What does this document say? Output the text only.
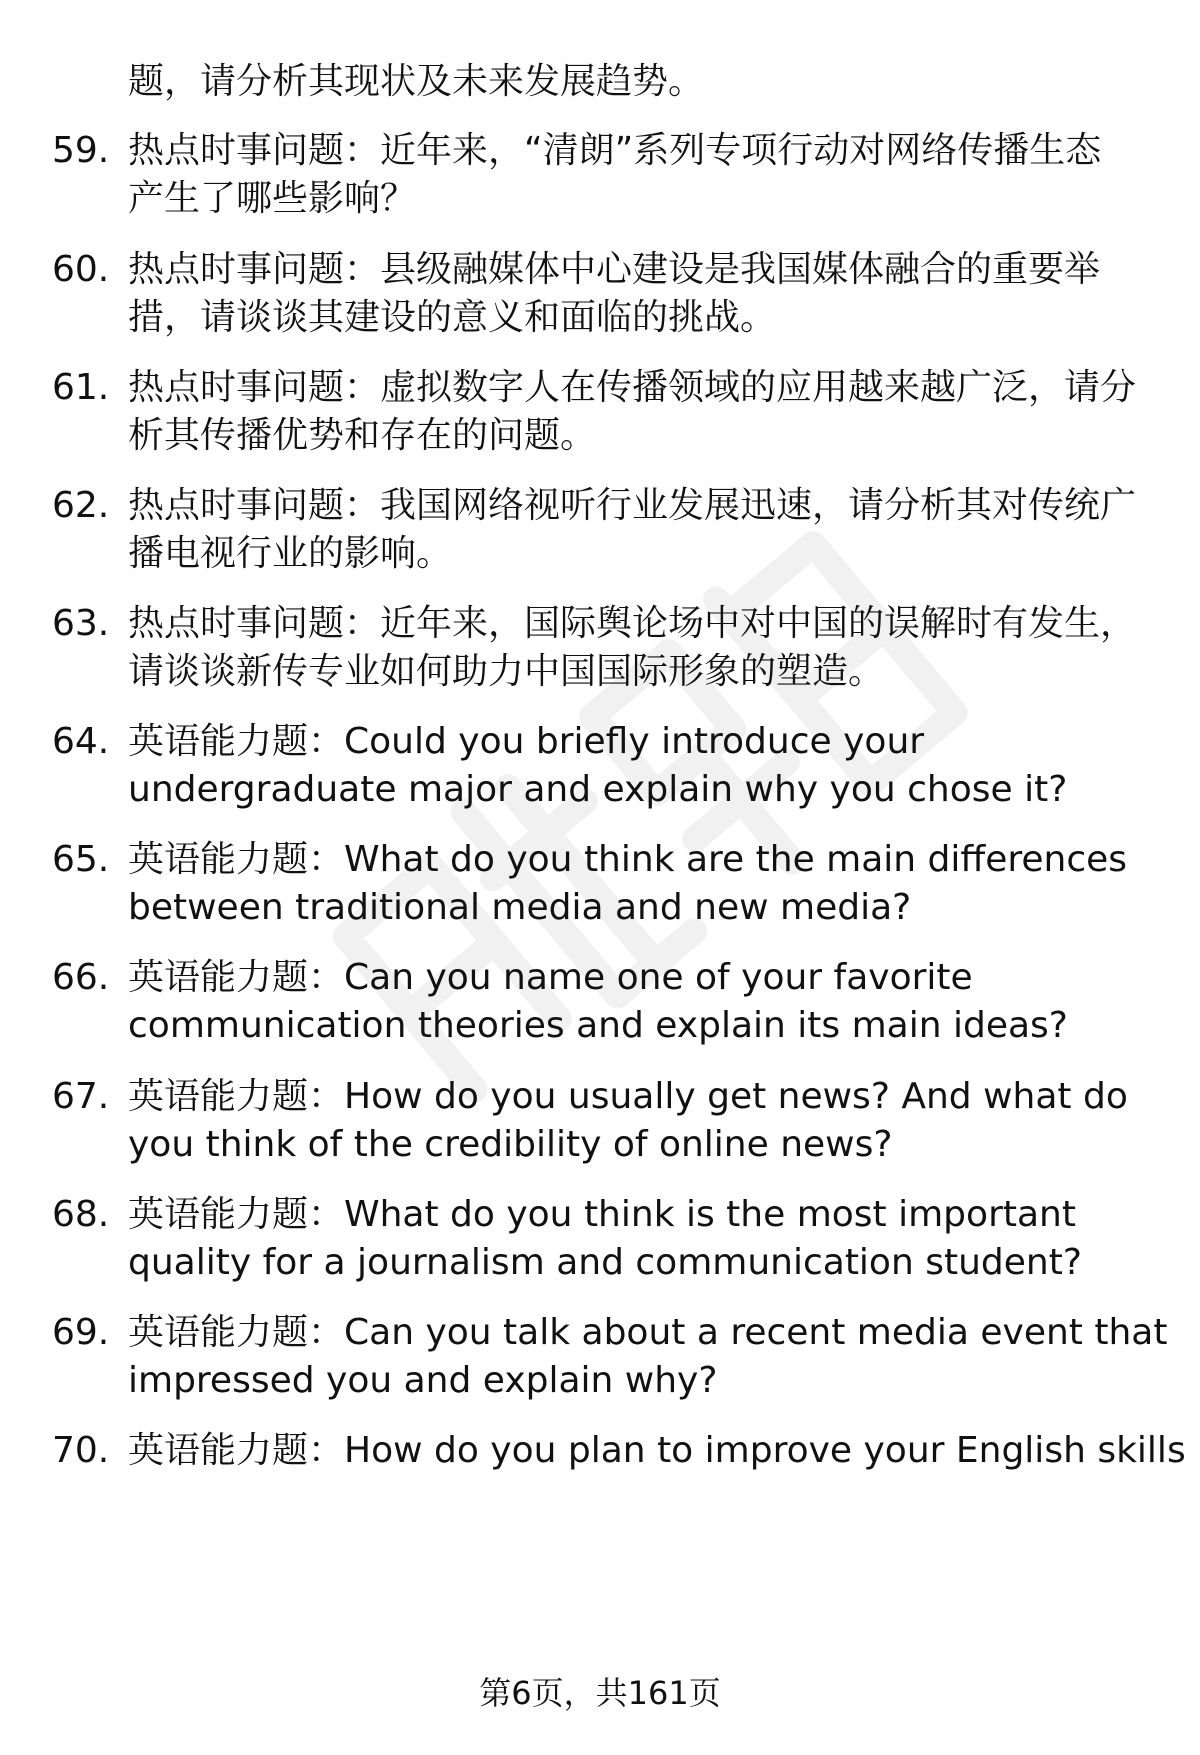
题，请分析其现状及未来发展趋势。
59. 热点时事问题：近年来，“清朗”系列专项行动对网络传播生态
产生了哪些影响？
60. 热点时事问题：县级融媒体中心建设是我国媒体融合的重要举
措，请谈谈其建设的意义和面临的挑战。
61. 热点时事问题：虚拟数字人在传播领域的应用越来越广泛，请分
析其传播优势和存在的问题。
62. 热点时事问题：我国网络视听行业发展迅速，请分析其对传统广
播电视行业的影响。
63. 热点时事问题：近年来，国际舆论场中对中国的误解时有发生，
请谈谈新传专业如何助力中国国际形象的塑造。
64. 英语能力题：Could you briefly introduce your
undergraduate major and explain why you chose it?
65. 英语能力题：What do you think are the main differences
between traditional media and new media?
66. 英语能力题：Can you name one of your favorite
communication theories and explain its main ideas?
67. 英语能力题：How do you usually get news? And what do
you think of the credibility of online news?
68. 英语能力题：What do you think is the most important
quality for a journalism and communication student?
69. 英语能力题：Can you talk about a recent media event that
impressed you and explain why?
70. 英语能力题：How do you plan to improve your English skills
第6页，共161页
